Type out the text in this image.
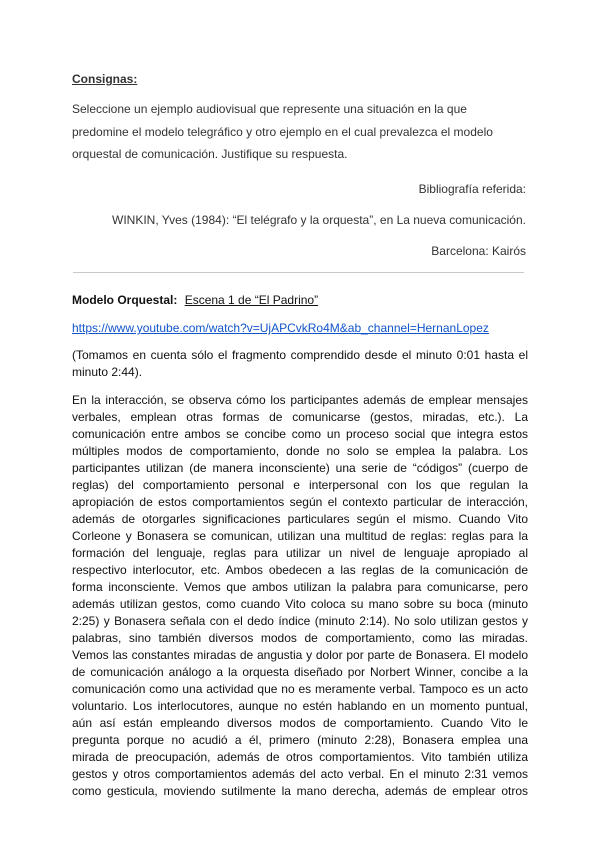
Consignas:
Seleccione un ejemplo audiovisual que represente una situación en la que
predomine el modelo telegráfico y otro ejemplo en el cual prevalezca el modelo
orquestal de comunicación. Justifique su respuesta.
Bibliografía referida:
WINKIN, Yves (1984): “El telégrafo y la orquesta”, en La nueva comunicación.
Barcelona: Kairós
Modelo Orquestal: Escena 1 de “El Padrino”
https://www.youtube.com/watch?v=UjAPCvkRo4M&ab_channel=HernanLopez
(Tomamos en cuenta sólo el fragmento comprendido desde el minuto 0:01 hasta el
minuto 2:44).
En la interacción, se observa cómo los participantes además de emplear mensajes
verbales, emplean otras formas de comunicarse (gestos, miradas, etc.). La
comunicación entre ambos se concibe como un proceso social que integra estos
múltiples modos de comportamiento, donde no solo se emplea la palabra. Los
participantes utilizan (de manera inconsciente) una serie de “códigos” (cuerpo de
reglas) del comportamiento personal e interpersonal con los que regulan la
apropiación de estos comportamientos según el contexto particular de interacción,
además de otorgarles significaciones particulares según el mismo. Cuando Vito
Corleone y Bonasera se comunican, utilizan una multitud de reglas: reglas para la
formación del lenguaje, reglas para utilizar un nivel de lenguaje apropiado al
respectivo interlocutor, etc. Ambos obedecen a las reglas de la comunicación de
forma inconsciente. Vemos que ambos utilizan la palabra para comunicarse, pero
además utilizan gestos, como cuando Vito coloca su mano sobre su boca (minuto
2:25) y Bonasera señala con el dedo índice (minuto 2:14). No solo utilizan gestos y
palabras, sino también diversos modos de comportamiento, como las miradas.
Vemos las constantes miradas de angustia y dolor por parte de Bonasera. El modelo
de comunicación análogo a la orquesta diseñado por Norbert Winner, concibe a la
comunicación como una actividad que no es meramente verbal. Tampoco es un acto
voluntario. Los interlocutores, aunque no estén hablando en un momento puntual,
aún así están empleando diversos modos de comportamiento. Cuando Vito le
pregunta porque no acudió a él, primero (minuto 2:28), Bonasera emplea una
mirada de preocupación, además de otros comportamientos. Vito también utiliza
gestos y otros comportamientos además del acto verbal. En el minuto 2:31 vemos
como gesticula, moviendo sutilmente la mano derecha, además de emplear otros
